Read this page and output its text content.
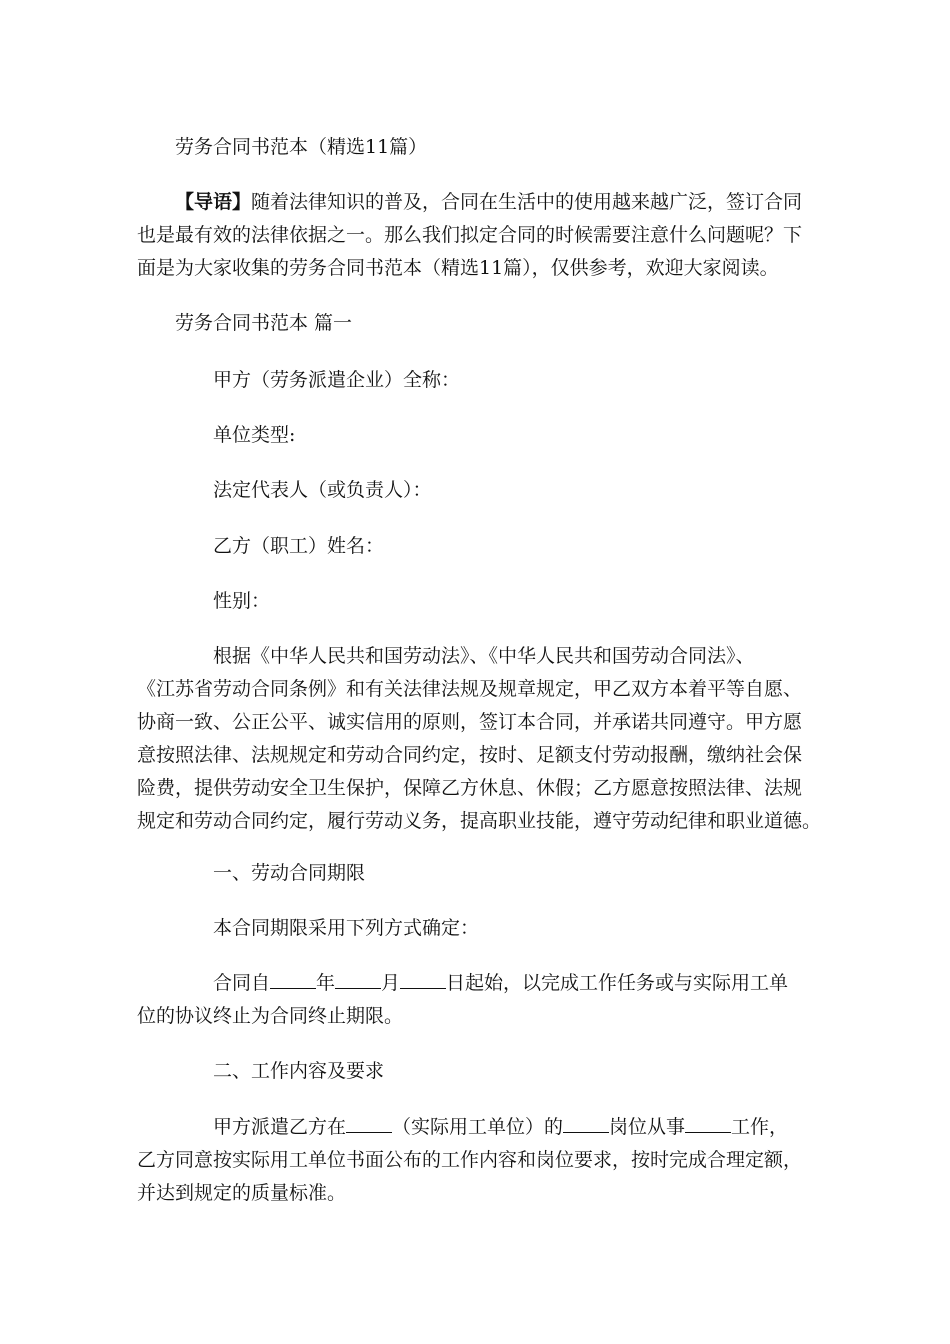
劳务合同书范本（精选11篇）

【导语】随着法律知识的普及，合同在生活中的使用越来越广泛，签订合同
也是最有效的法律依据之一。那么我们拟定合同的时候需要注意什么问题呢？下
面是为大家收集的劳务合同书范本（精选11篇），仅供参考，欢迎大家阅读。

劳务合同书范本 篇一

甲方（劳务派遣企业）全称：

单位类型:

法定代表人（或负责人）：

乙方（职工）姓名：

性别：

根据《中华人民共和国劳动法》、《中华人民共和国劳动合同法》、
《江苏省劳动合同条例》和有关法律法规及规章规定，甲乙双方本着平等自愿、
协商一致、公正公平、诚实信用的原则，签订本合同，并承诺共同遵守。甲方愿
意按照法律、法规规定和劳动合同约定，按时、足额支付劳动报酬，缴纳社会保
险费，提供劳动安全卫生保护，保障乙方休息、休假；乙方愿意按照法律、法规
规定和劳动合同约定，履行劳动义务，提高职业技能，遵守劳动纪律和职业道德。

一、劳动合同期限

本合同期限采用下列方式确定：

合同自 年 月 日起始，以完成工作任务或与实际用工单
位的协议终止为合同终止期限。

二、工作内容及要求

甲方派遣乙方在 （实际用工单位）的 岗位从事 工作，
乙方同意按实际用工单位书面公布的工作内容和岗位要求，按时完成合理定额，
并达到规定的质量标准。
